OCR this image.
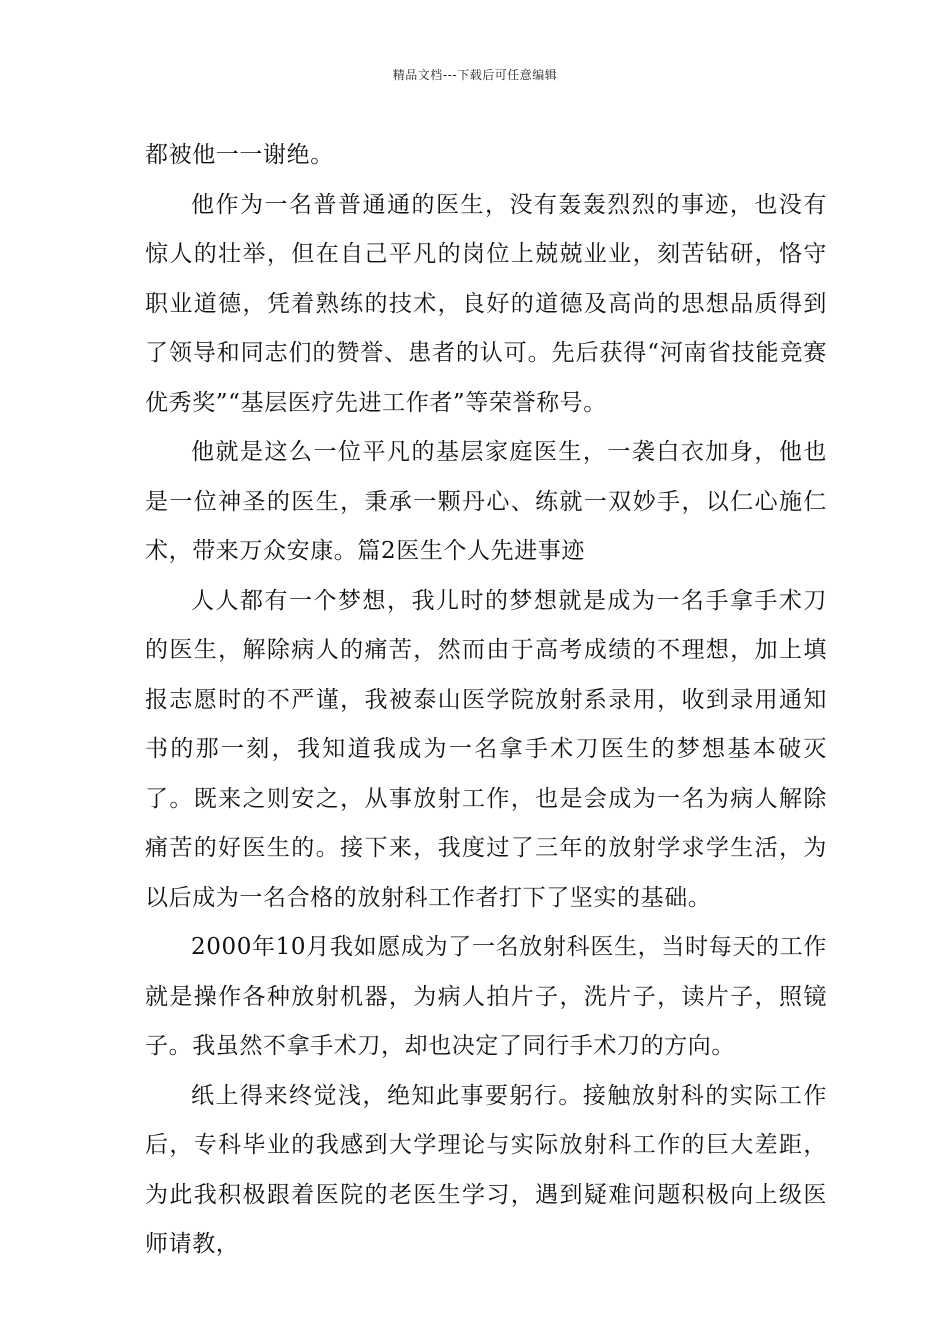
精品文档---下载后可任意编辑

都被他一一谢绝。

他作为一名普普通通的医生，没有轰轰烈烈的事迹，也没有惊人的壮举，但在自己平凡的岗位上兢兢业业，刻苦钻研，恪守职业道德，凭着熟练的技术，良好的道德及高尚的思想品质得到了领导和同志们的赞誉、患者的认可。先后获得“河南省技能竞赛优秀奖”“基层医疗先进工作者”等荣誉称号。

他就是这么一位平凡的基层家庭医生，一袭白衣加身，他也是一位神圣的医生，秉承一颗丹心、练就一双妙手，以仁心施仁术，带来万众安康。篇2医生个人先进事迹

人人都有一个梦想，我儿时的梦想就是成为一名手拿手术刀的医生，解除病人的痛苦，然而由于高考成绩的不理想，加上填报志愿时的不严谨，我被泰山医学院放射系录用，收到录用通知书的那一刻，我知道我成为一名拿手术刀医生的梦想基本破灭了。既来之则安之，从事放射工作，也是会成为一名为病人解除痛苦的好医生的。接下来，我度过了三年的放射学求学生活，为以后成为一名合格的放射科工作者打下了坚实的基础。

2000年10月我如愿成为了一名放射科医生，当时每天的工作就是操作各种放射机器，为病人拍片子，洗片子，读片子，照镜子。我虽然不拿手术刀，却也决定了同行手术刀的方向。

纸上得来终觉浅，绝知此事要躬行。接触放射科的实际工作后，专科毕业的我感到大学理论与实际放射科工作的巨大差距，为此我积极跟着医院的老医生学习，遇到疑难问题积极向上级医师请教，
